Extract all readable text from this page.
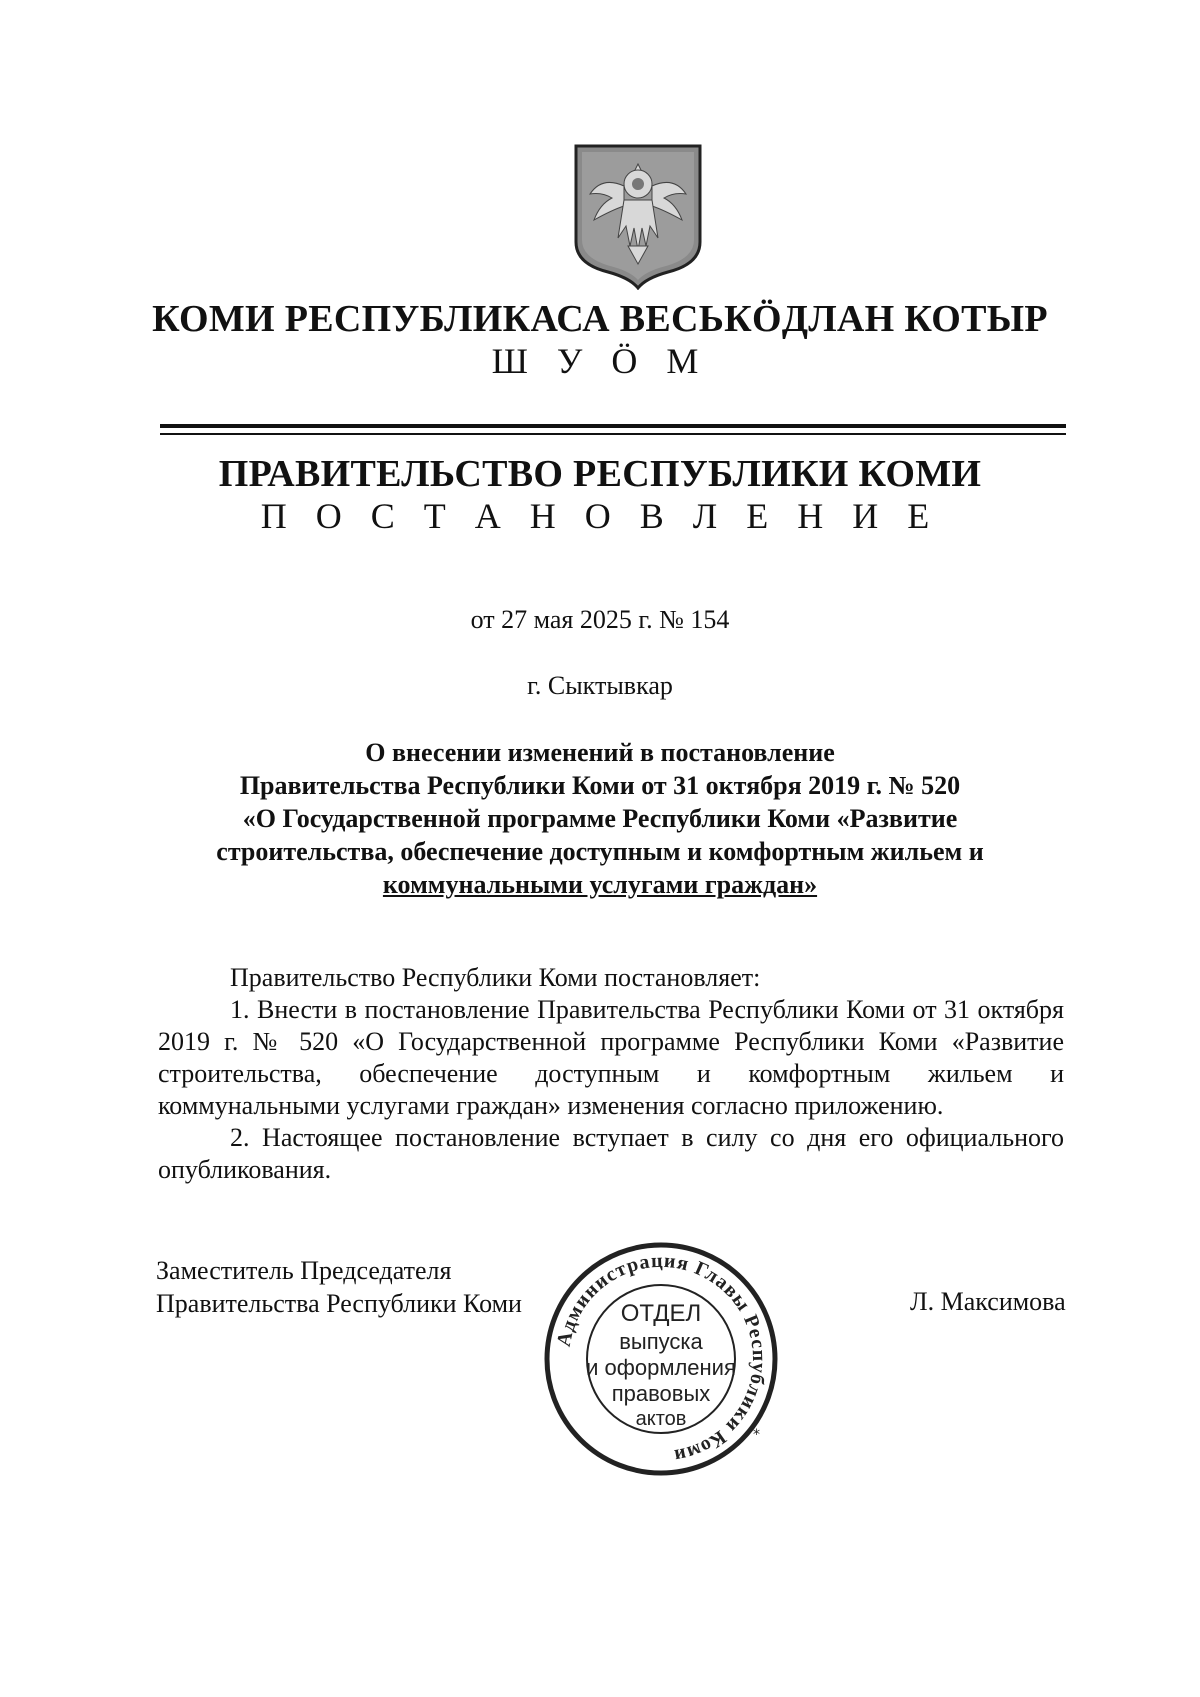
КОМИ РЕСПУБЛИКАСА ВЕСЬКӦДЛАН КОТЫР
Ш У Ӧ М
ПРАВИТЕЛЬСТВО РЕСПУБЛИКИ КОМИ
П О С Т А Н О В Л Е Н И Е
от 27 мая 2025 г. № 154
г. Сыктывкар
О внесении изменений в постановление
Правительства Республики Коми от 31 октября 2019 г. № 520
«О Государственной программе Республики Коми «Развитие
строительства, обеспечение доступным и комфортным жильем и
коммунальными услугами граждан»

Правительство Республики Коми постановляет:

1. Внести в постановление Правительства Республики Коми от 31 октября 2019 г. № 520 «О Государственной программе Республики Коми «Развитие строительства, обеспечение доступным и комфортным жильем и коммунальными услугами граждан» изменения согласно приложению.

2. Настоящее постановление вступает в силу со дня его официального опубликования.

Заместитель Председателя
Правительства Республики Коми	Л. Максимова
Администрация Главы Республики Коми
*
ОТДЕЛ
выпуска
и оформления
правовых
актов
